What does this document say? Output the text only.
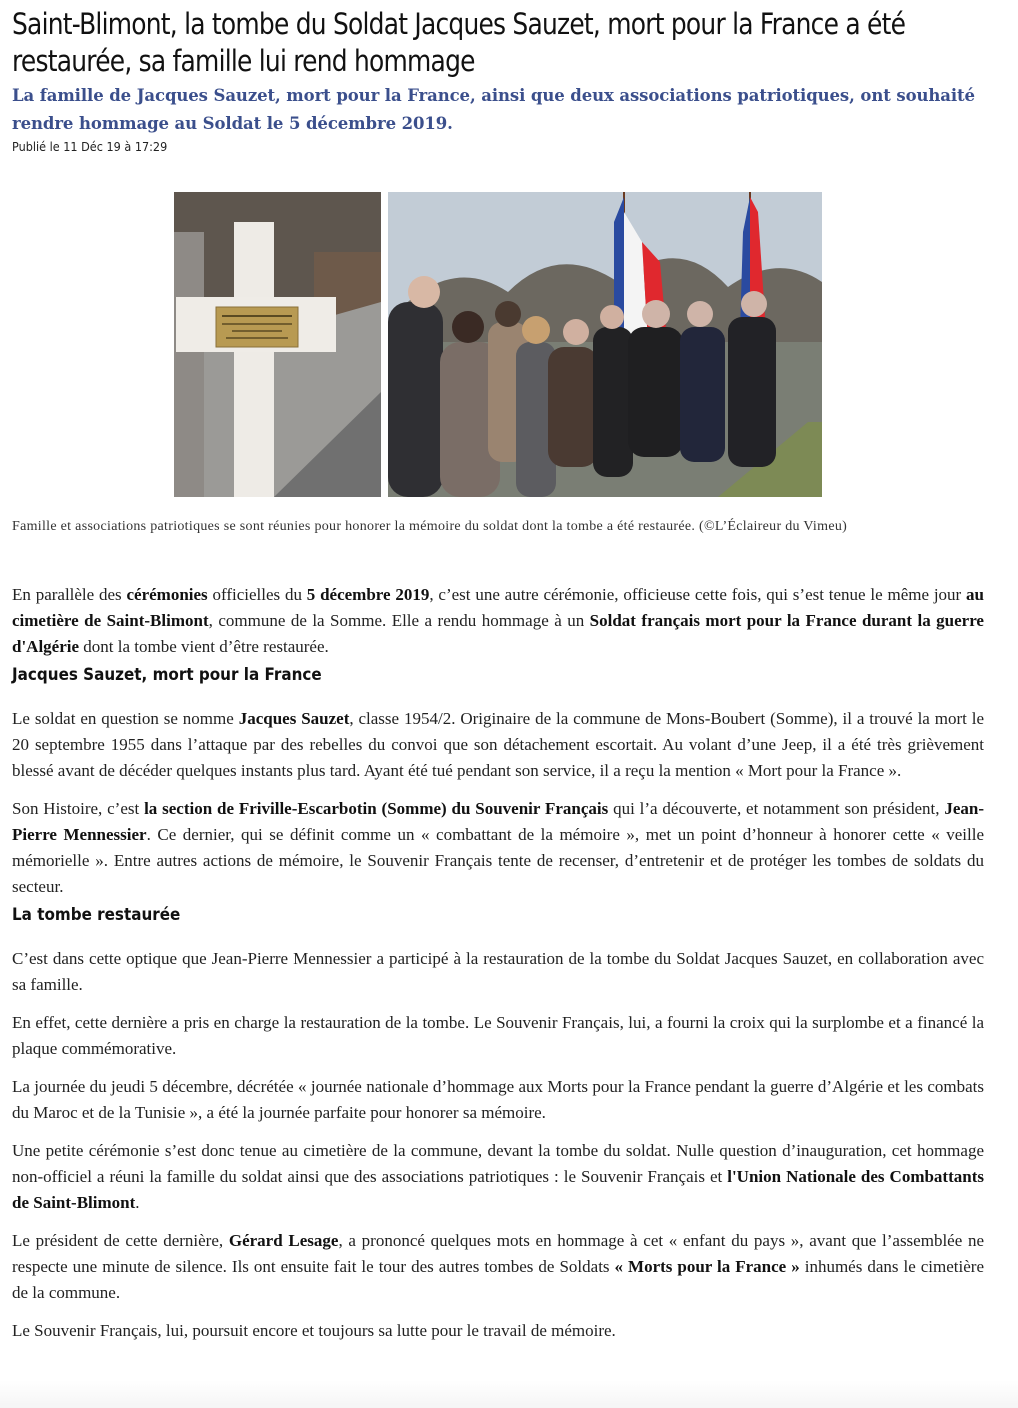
Saint-Blimont, la tombe du Soldat Jacques Sauzet, mort pour la France a été restaurée, sa famille lui rend hommage

La famille de Jacques Sauzet, mort pour la France, ainsi que deux associations patriotiques, ont souhaité rendre hommage au Soldat le 5 décembre 2019.

Publié le 11 Déc 19 à 17:29

Famille et associations patriotiques se sont réunies pour honorer la mémoire du soldat dont la tombe a été restaurée. (©L’Éclaireur du Vimeu)

En parallèle des cérémonies officielles du 5 décembre 2019, c’est une autre cérémonie, officieuse cette fois, qui s’est tenue le même jour au cimetière de Saint-Blimont, commune de la Somme. Elle a rendu hommage à un Soldat français mort pour la France durant la guerre d'Algérie dont la tombe vient d’être restaurée.

Jacques Sauzet, mort pour la France

Le soldat en question se nomme Jacques Sauzet, classe 1954/2. Originaire de la commune de Mons-Boubert (Somme), il a trouvé la mort le 20 septembre 1955 dans l’attaque par des rebelles du convoi que son détachement escortait. Au volant d’une Jeep, il a été très grièvement blessé avant de décéder quelques instants plus tard. Ayant été tué pendant son service, il a reçu la mention « Mort pour la France ».

Son Histoire, c’est la section de Friville-Escarbotin (Somme) du Souvenir Français qui l’a découverte, et notamment son président, Jean-Pierre Mennessier. Ce dernier, qui se définit comme un « combattant de la mémoire », met un point d’honneur à honorer cette « veille mémorielle ». Entre autres actions de mémoire, le Souvenir Français tente de recenser, d’entretenir et de protéger les tombes de soldats du secteur.

La tombe restaurée

C’est dans cette optique que Jean-Pierre Mennessier a participé à la restauration de la tombe du Soldat Jacques Sauzet, en collaboration avec sa famille.

En effet, cette dernière a pris en charge la restauration de la tombe. Le Souvenir Français, lui, a fourni la croix qui la surplombe et a financé la plaque commémorative.

La journée du jeudi 5 décembre, décrétée « journée nationale d’hommage aux Morts pour la France pendant la guerre d’Algérie et les combats du Maroc et de la Tunisie », a été la journée parfaite pour honorer sa mémoire.

Une petite cérémonie s’est donc tenue au cimetière de la commune, devant la tombe du soldat. Nulle question d’inauguration, cet hommage non-officiel a réuni la famille du soldat ainsi que des associations patriotiques : le Souvenir Français et l'Union Nationale des Combattants de Saint-Blimont.

Le président de cette dernière, Gérard Lesage, a prononcé quelques mots en hommage à cet « enfant du pays », avant que l’assemblée ne respecte une minute de silence. Ils ont ensuite fait le tour des autres tombes de Soldats « Morts pour la France » inhumés dans le cimetière de la commune.

Le Souvenir Français, lui, poursuit encore et toujours sa lutte pour le travail de mémoire.
